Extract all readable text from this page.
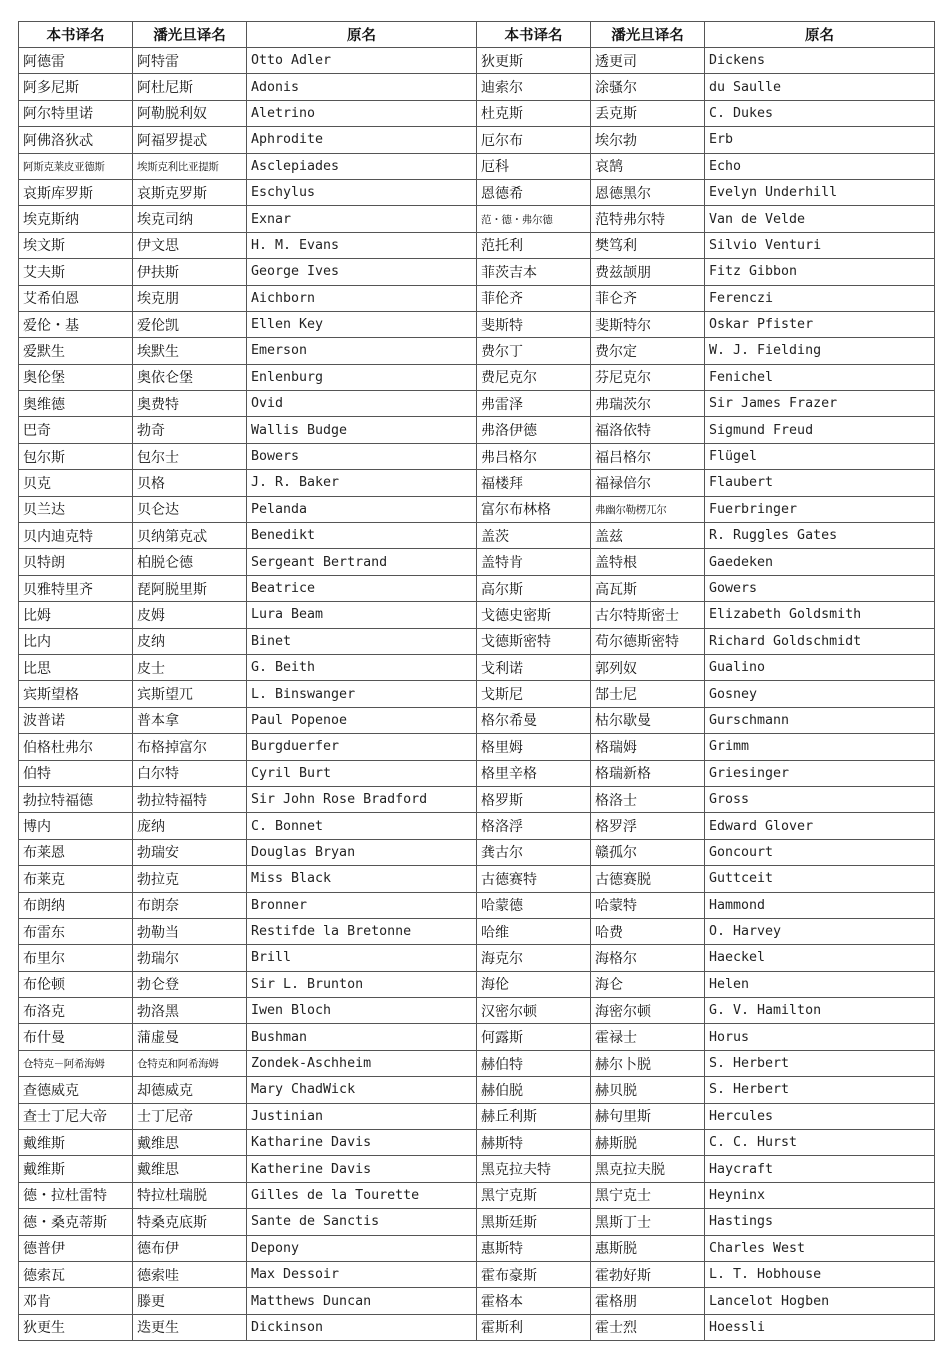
本书译名	潘光旦译名	原名	本书译名	潘光旦译名	原名
阿德雷	阿特雷	Otto Adler	狄更斯	透更司	Dickens
阿多尼斯	阿杜尼斯	Adonis	迪索尔	涂骚尔	du Saulle
阿尔特里诺	阿勒脱利奴	Aletrino	杜克斯	丢克斯	C. Dukes
阿佛洛狄忒	阿福罗提忒	Aphrodite	厄尔布	埃尔勃	Erb
阿斯克莱皮亚德斯	埃斯克利比亚提斯	Asclepiades	厄科	哀鹄	Echo
哀斯库罗斯	哀斯克罗斯	Eschylus	恩德希	恩德黑尔	Evelyn Underhill
埃克斯纳	埃克司纳	Exnar	范・德・弗尔德	范特弗尔特	Van de Velde
埃文斯	伊文思	H. M. Evans	范托利	樊笃利	Silvio Venturi
艾夫斯	伊扶斯	George Ives	菲茨吉本	费兹颉朋	Fitz Gibbon
艾希伯恩	埃克朋	Aichborn	菲伦齐	菲仑齐	Ferenczi
爱伦・基	爱伦凯	Ellen Key	斐斯特	斐斯特尔	Oskar Pfister
爱默生	埃默生	Emerson	费尔丁	费尔定	W. J. Fielding
奥伦堡	奥依仑堡	Enlenburg	费尼克尔	芬尼克尔	Fenichel
奥维德	奥费特	Ovid	弗雷泽	弗瑞茨尔	Sir James Frazer
巴奇	勃奇	Wallis Budge	弗洛伊德	福洛依特	Sigmund Freud
包尔斯	包尔士	Bowers	弗吕格尔	福吕格尔	Flügel
贝克	贝格	J. R. Baker	福楼拜	福禄倍尔	Flaubert
贝兰达	贝仑达	Pelanda	富尔布林格	弗幽尔勒楞兀尔	Fuerbringer
贝内迪克特	贝纳第克忒	Benedikt	盖茨	盖兹	R. Ruggles Gates
贝特朗	柏脱仑德	Sergeant Bertrand	盖特肯	盖特根	Gaedeken
贝雅特里齐	琵阿脱里斯	Beatrice	高尔斯	高瓦斯	Gowers
比姆	皮姆	Lura Beam	戈德史密斯	古尔特斯密士	Elizabeth Goldsmith
比内	皮纳	Binet	戈德斯密特	苟尔德斯密特	Richard Goldschmidt
比思	皮士	G. Beith	戈利诺	郭列奴	Gualino
宾斯望格	宾斯望兀	L. Binswanger	戈斯尼	郜士尼	Gosney
波普诺	普本拿	Paul Popenoe	格尔希曼	枯尔歇曼	Gurschmann
伯格杜弗尔	布格掉富尔	Burgduerfer	格里姆	格瑞姆	Grimm
伯特	白尔特	Cyril Burt	格里辛格	格瑞新格	Griesinger
勃拉特福德	勃拉特福特	Sir John Rose Bradford	格罗斯	格洛士	Gross
博内	庞纳	C. Bonnet	格洛浮	格罗浮	Edward Glover
布莱恩	勃瑞安	Douglas Bryan	龚古尔	赣孤尔	Goncourt
布莱克	勃拉克	Miss Black	古德赛特	古德赛脱	Guttceit
布朗纳	布朗奈	Bronner	哈蒙德	哈蒙特	Hammond
布雷东	勃勒当	Restifde la Bretonne	哈维	哈费	O. Harvey
布里尔	勃瑞尔	Brill	海克尔	海格尔	Haeckel
布伦顿	勃仑登	Sir L. Brunton	海伦	海仑	Helen
布洛克	勃洛黑	Iwen Bloch	汉密尔顿	海密尔顿	G. V. Hamilton
布什曼	蒲虚曼	Bushman	何露斯	霍禄士	Horus
仓特克－阿希海姆	仓特克和阿希海姆	Zondek-Aschheim	赫伯特	赫尔卜脱	S. Herbert
查德威克	却德威克	Mary ChadWick	赫伯脱	赫贝脱	S. Herbert
查士丁尼大帝	士丁尼帝	Justinian	赫丘利斯	赫句里斯	Hercules
戴维斯	戴维思	Katharine Davis	赫斯特	赫斯脱	C. C. Hurst
戴维斯	戴维思	Katherine Davis	黑克拉夫特	黑克拉夫脱	Haycraft
德・拉杜雷特	特拉杜瑞脱	Gilles de la Tourette	黑宁克斯	黑宁克士	Heyninx
德・桑克蒂斯	特桑克底斯	Sante de Sanctis	黑斯廷斯	黑斯丁士	Hastings
德普伊	德布伊	Depony	惠斯特	惠斯脱	Charles West
德索瓦	德索哇	Max Dessoir	霍布豪斯	霍勃好斯	L. T. Hobhouse
邓肯	滕更	Matthews Duncan	霍格本	霍格朋	Lancelot Hogben
狄更生	迭更生	Dickinson	霍斯利	霍士烈	Hoessli
